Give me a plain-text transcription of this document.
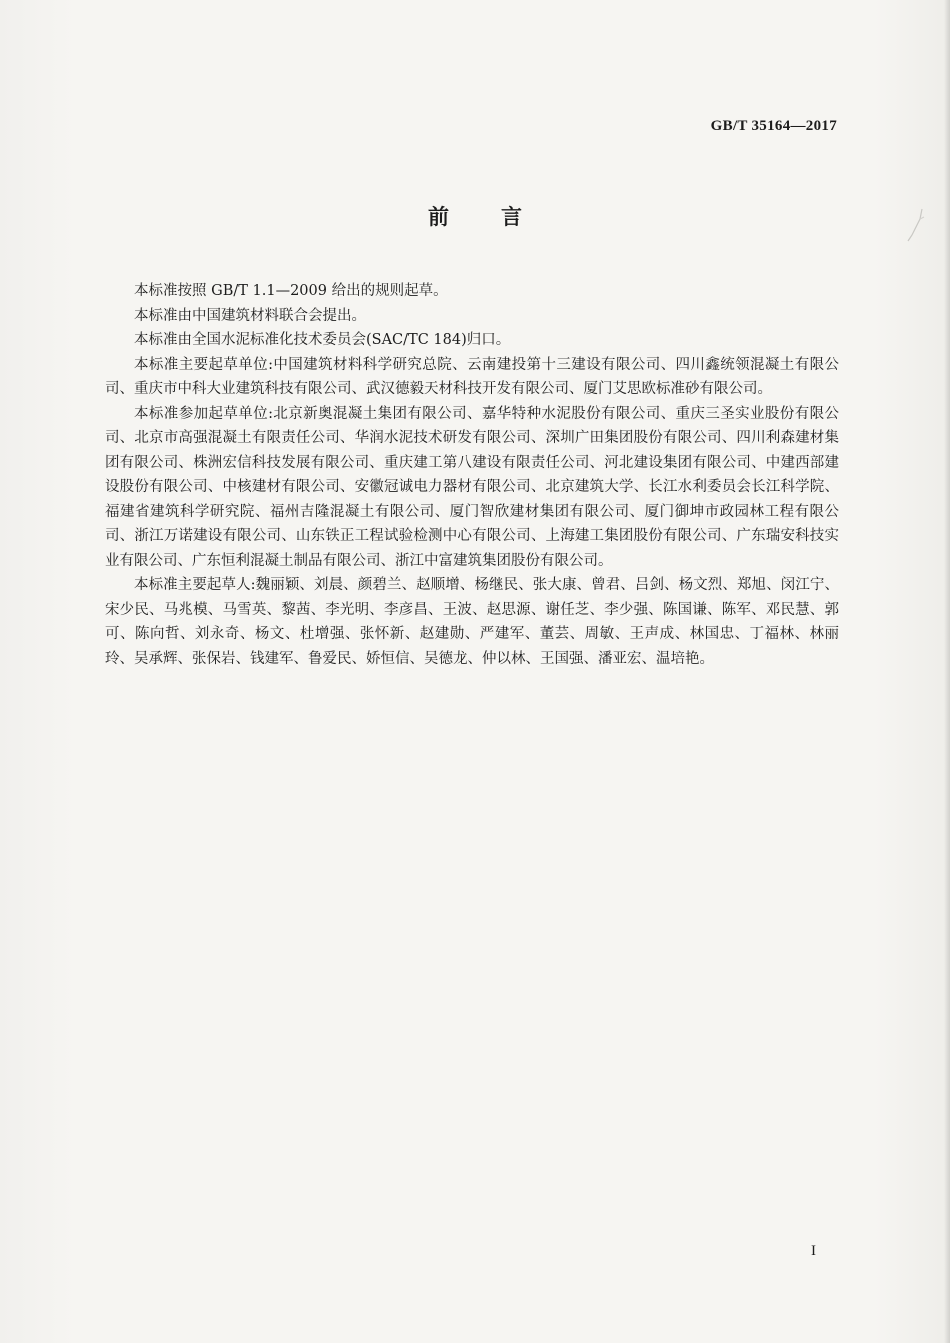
GB/T 35164—2017
前言

本标准按照 GB/T 1.1—2009 给出的规则起草。

本标准由中国建筑材料联合会提出。

本标准由全国水泥标准化技术委员会(SAC/TC 184)归口。

本标准主要起草单位:中国建筑材料科学研究总院、云南建投第十三建设有限公司、四川鑫统领混凝土有限公司、重庆市中科大业建筑科技有限公司、武汉德毅天材科技开发有限公司、厦门艾思欧标准砂有限公司。

本标准参加起草单位:北京新奥混凝土集团有限公司、嘉华特种水泥股份有限公司、重庆三圣实业股份有限公司、北京市高强混凝土有限责任公司、华润水泥技术研发有限公司、深圳广田集团股份有限公司、四川利森建材集团有限公司、株洲宏信科技发展有限公司、重庆建工第八建设有限责任公司、河北建设集团有限公司、中建西部建设股份有限公司、中核建材有限公司、安徽冠诚电力器材有限公司、北京建筑大学、长江水利委员会长江科学院、福建省建筑科学研究院、福州吉隆混凝土有限公司、厦门智欣建材集团有限公司、厦门御坤市政园林工程有限公司、浙江万诺建设有限公司、山东铁正工程试验检测中心有限公司、上海建工集团股份有限公司、广东瑞安科技实业有限公司、广东恒利混凝土制品有限公司、浙江中富建筑集团股份有限公司。

本标准主要起草人:魏丽颖、刘晨、颜碧兰、赵顺增、杨继民、张大康、曾君、吕剑、杨文烈、郑旭、闵江宁、宋少民、马兆模、马雪英、黎茜、李光明、李彦昌、王波、赵思源、谢任芝、李少强、陈国谦、陈军、邓民慧、郭可、陈向哲、刘永奇、杨文、杜增强、张怀新、赵建勋、严建军、董芸、周敏、王声成、林国忠、丁福林、林丽玲、吴承辉、张保岩、钱建军、鲁爱民、娇恒信、吴德龙、仲以林、王国强、潘亚宏、温培艳。

I
